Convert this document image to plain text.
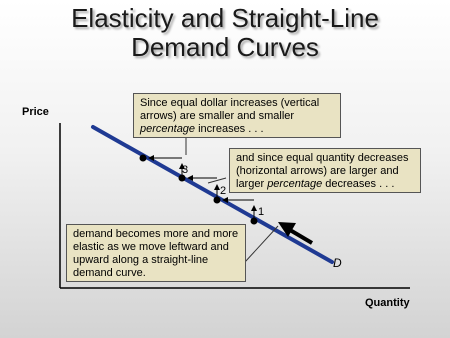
Elasticity and Straight-Line
Demand Curves
Price
Quantity
3
2
1
D
Since equal dollar increases (vertical arrows) are smaller and smaller percentage increases . . .
and since equal quantity decreases (horizontal arrows) are larger and larger percentage decreases . . .
demand becomes more and more elastic as we move leftward and upward along a straight-line demand curve.
